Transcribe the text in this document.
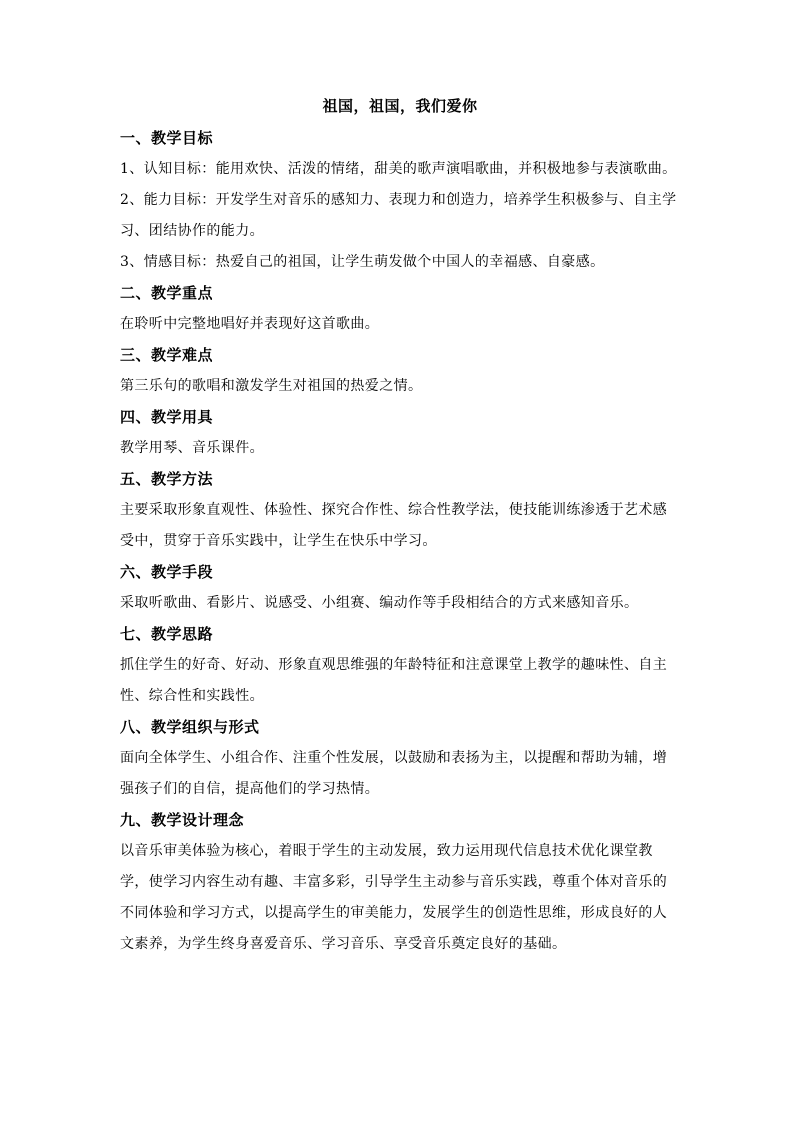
祖国，祖国，我们爱你
一、教学目标
1、认知目标：能用欢快、活泼的情绪，甜美的歌声演唱歌曲，并积极地参与表演歌曲。
2、能力目标：开发学生对音乐的感知力、表现力和创造力，培养学生积极参与、自主学习、团结协作的能力。
3、情感目标：热爱自己的祖国，让学生萌发做个中国人的幸福感、自豪感。
二、教学重点
在聆听中完整地唱好并表现好这首歌曲。
三、教学难点
第三乐句的歌唱和激发学生对祖国的热爱之情。
四、教学用具
教学用琴、音乐课件。
五、教学方法
主要采取形象直观性、体验性、探究合作性、综合性教学法，使技能训练渗透于艺术感受中，贯穿于音乐实践中，让学生在快乐中学习。
六、教学手段
采取听歌曲、看影片、说感受、小组赛、编动作等手段相结合的方式来感知音乐。
七、教学思路
抓住学生的好奇、好动、形象直观思维强的年龄特征和注意课堂上教学的趣味性、自主性、综合性和实践性。
八、教学组织与形式
面向全体学生、小组合作、注重个性发展，以鼓励和表扬为主，以提醒和帮助为辅，增强孩子们的自信，提高他们的学习热情。
九、教学设计理念
以音乐审美体验为核心，着眼于学生的主动发展，致力运用现代信息技术优化课堂教学，使学习内容生动有趣、丰富多彩，引导学生主动参与音乐实践，尊重个体对音乐的不同体验和学习方式，以提高学生的审美能力，发展学生的创造性思维，形成良好的人文素养，为学生终身喜爱音乐、学习音乐、享受音乐奠定良好的基础。
